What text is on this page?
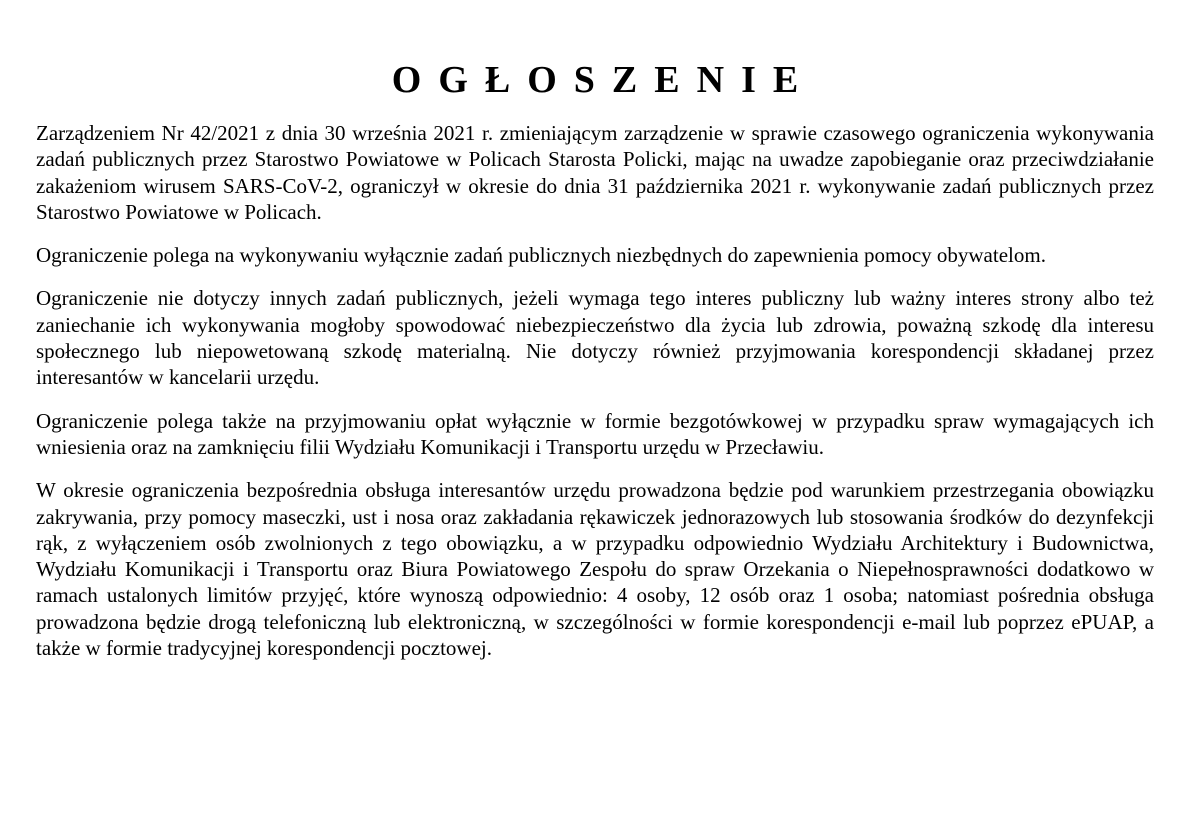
OGŁOSZENIE

Zarządzeniem Nr 42/2021 z dnia 30 września 2021 r. zmieniającym zarządzenie w sprawie czasowego ograniczenia wykonywania zadań publicznych przez Starostwo Powiatowe w Policach Starosta Policki, mając na uwadze zapobieganie oraz przeciwdziałanie zakażeniom wirusem SARS-CoV-2, ograniczył w okresie do dnia 31 października 2021 r. wykonywanie zadań publicznych przez Starostwo Powiatowe w Policach.

Ograniczenie polega na wykonywaniu wyłącznie zadań publicznych niezbędnych do zapewnienia pomocy obywatelom.

Ograniczenie nie dotyczy innych zadań publicznych, jeżeli wymaga tego interes publiczny lub ważny interes strony albo też zaniechanie ich wykonywania mogłoby spowodować niebezpieczeństwo dla życia lub zdrowia, poważną szkodę dla interesu społecznego lub niepowetowaną szkodę materialną. Nie dotyczy również przyjmowania korespondencji składanej przez interesantów w kancelarii urzędu.

Ograniczenie polega także na przyjmowaniu opłat wyłącznie w formie bezgotówkowej w przypadku spraw wymagających ich wniesienia oraz na zamknięciu filii Wydziału Komunikacji i Transportu urzędu w Przecławiu.

W okresie ograniczenia bezpośrednia obsługa interesantów urzędu prowadzona będzie pod warunkiem przestrzegania obowiązku zakrywania, przy pomocy maseczki, ust i nosa oraz zakładania rękawiczek jednorazowych lub stosowania środków do dezynfekcji rąk, z wyłączeniem osób zwolnionych z tego obowiązku, a w przypadku odpowiednio Wydziału Architektury i Budownictwa, Wydziału Komunikacji i Transportu oraz Biura Powiatowego Zespołu do spraw Orzekania o Niepełnosprawności dodatkowo w ramach ustalonych limitów przyjęć, które wynoszą odpowiednio: 4 osoby, 12 osób oraz 1 osoba; natomiast pośrednia obsługa prowadzona będzie drogą telefoniczną lub elektroniczną, w szczególności w formie korespondencji e-mail lub poprzez ePUAP, a także w formie tradycyjnej korespondencji pocztowej.
